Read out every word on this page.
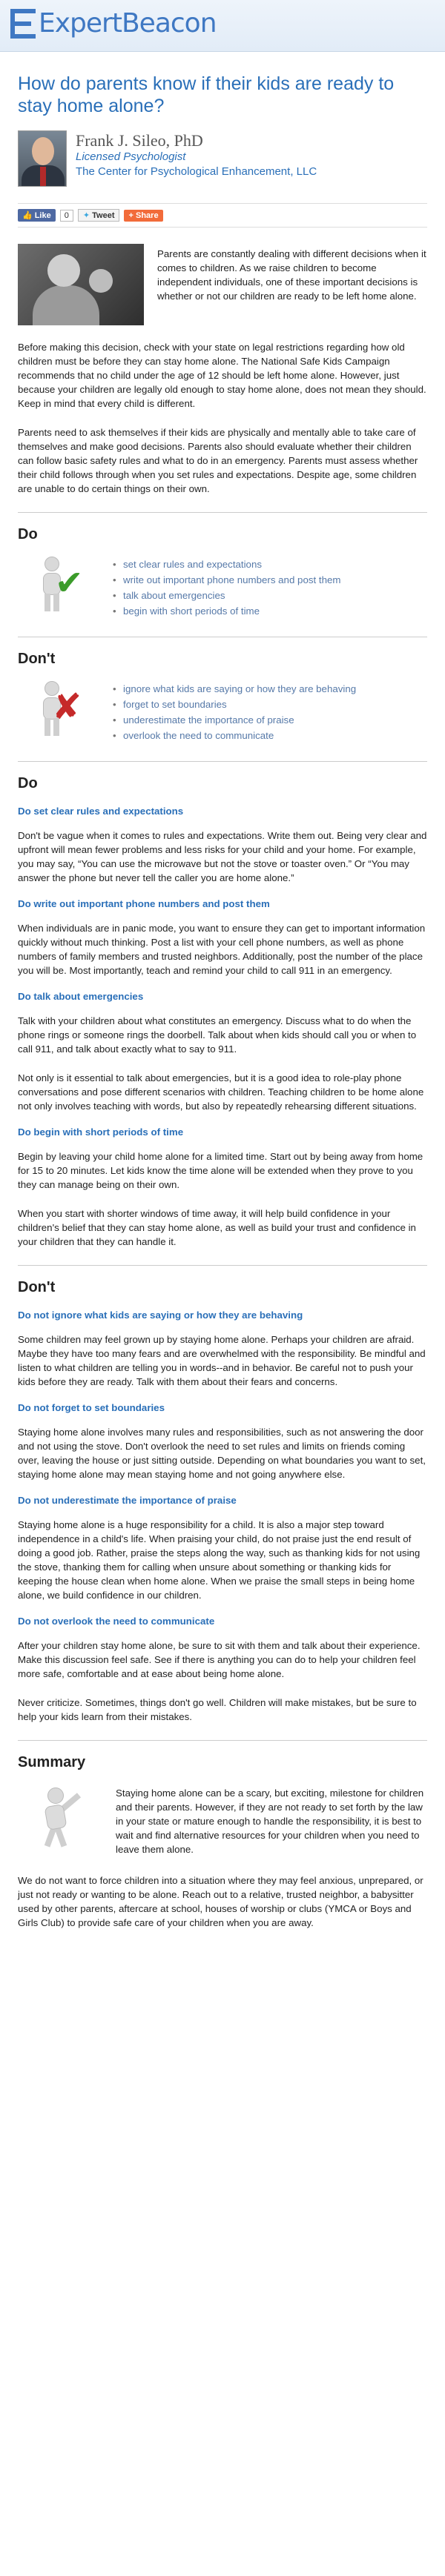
ExpertBeacon
How do parents know if their kids are ready to stay home alone?
Frank J. Sileo, PhD
Licensed Psychologist
The Center for Psychological Enhancement, LLC
👍 Like	0	✦ Tweet	+ Share

Parents are constantly dealing with different decisions when it comes to children. As we raise children to become independent individuals, one of these important decisions is whether or not our children are ready to be left home alone.

Before making this decision, check with your state on legal restrictions regarding how old children must be before they can stay home alone. The National Safe Kids Campaign recommends that no child under the age of 12 should be left home alone. However, just because your children are legally old enough to stay home alone, does not mean they should. Keep in mind that every child is different.

Parents need to ask themselves if their kids are physically and mentally able to take care of themselves and make good decisions. Parents also should evaluate whether their children can follow basic safety rules and what to do in an emergency. Parents must assess whether their child follows through when you set rules and expectations. Despite age, some children are unable to do certain things on their own.

Do
✔	• set clear rules and expectations
• write out important phone numbers and post them
• talk about emergencies
• begin with short periods of time
Don't
✘	• ignore what kids are saying or how they are behaving
• forget to set boundaries
• underestimate the importance of praise
• overlook the need to communicate
Do
Do set clear rules and expectations

Don't be vague when it comes to rules and expectations. Write them out. Being very clear and upfront will mean fewer problems and less risks for your child and your home. For example, you may say, “You can use the microwave but not the stove or toaster oven.” Or “You may answer the phone but never tell the caller you are home alone.”

Do write out important phone numbers and post them

When individuals are in panic mode, you want to ensure they can get to important information quickly without much thinking. Post a list with your cell phone numbers, as well as phone numbers of family members and trusted neighbors. Additionally, post the number of the place you will be. Most importantly, teach and remind your child to call 911 in an emergency.

Do talk about emergencies

Talk with your children about what constitutes an emergency. Discuss what to do when the phone rings or someone rings the doorbell. Talk about when kids should call you or when to call 911, and talk about exactly what to say to 911.

Not only is it essential to talk about emergencies, but it is a good idea to role-play phone conversations and pose different scenarios with children. Teaching children to be home alone not only involves teaching with words, but also by repeatedly rehearsing different situations.

Do begin with short periods of time

Begin by leaving your child home alone for a limited time. Start out by being away from home for 15 to 20 minutes. Let kids know the time alone will be extended when they prove to you they can manage being on their own.

When you start with shorter windows of time away, it will help build confidence in your children's belief that they can stay home alone, as well as build your trust and confidence in your children that they can handle it.

Don't
Do not ignore what kids are saying or how they are behaving

Some children may feel grown up by staying home alone. Perhaps your children are afraid. Maybe they have too many fears and are overwhelmed with the responsibility. Be mindful and listen to what children are telling you in words--and in behavior. Be careful not to push your kids before they are ready. Talk with them about their fears and concerns.

Do not forget to set boundaries

Staying home alone involves many rules and responsibilities, such as not answering the door and not using the stove. Don't overlook the need to set rules and limits on friends coming over, leaving the house or just sitting outside. Depending on what boundaries you want to set, staying home alone may mean staying home and not going anywhere else.

Do not underestimate the importance of praise

Staying home alone is a huge responsibility for a child. It is also a major step toward independence in a child's life. When praising your child, do not praise just the end result of doing a good job. Rather, praise the steps along the way, such as thanking kids for not using the stove, thanking them for calling when unsure about something or thanking kids for keeping the house clean when home alone. When we praise the small steps in being home alone, we build confidence in our children.

Do not overlook the need to communicate

After your children stay home alone, be sure to sit with them and talk about their experience. Make this discussion feel safe. See if there is anything you can do to help your children feel more safe, comfortable and at ease about being home alone.

Never criticize. Sometimes, things don't go well. Children will make mistakes, but be sure to help your kids learn from their mistakes.

Summary

Staying home alone can be a scary, but exciting, milestone for children and their parents. However, if they are not ready to set forth by the law in your state or mature enough to handle the responsibility, it is best to wait and find alternative resources for your children when you need to leave them alone.

We do not want to force children into a situation where they may feel anxious, unprepared, or just not ready or wanting to be alone. Reach out to a relative, trusted neighbor, a babysitter used by other parents, aftercare at school, houses of worship or clubs (YMCA or Boys and Girls Club) to provide safe care of your children when you are away.
